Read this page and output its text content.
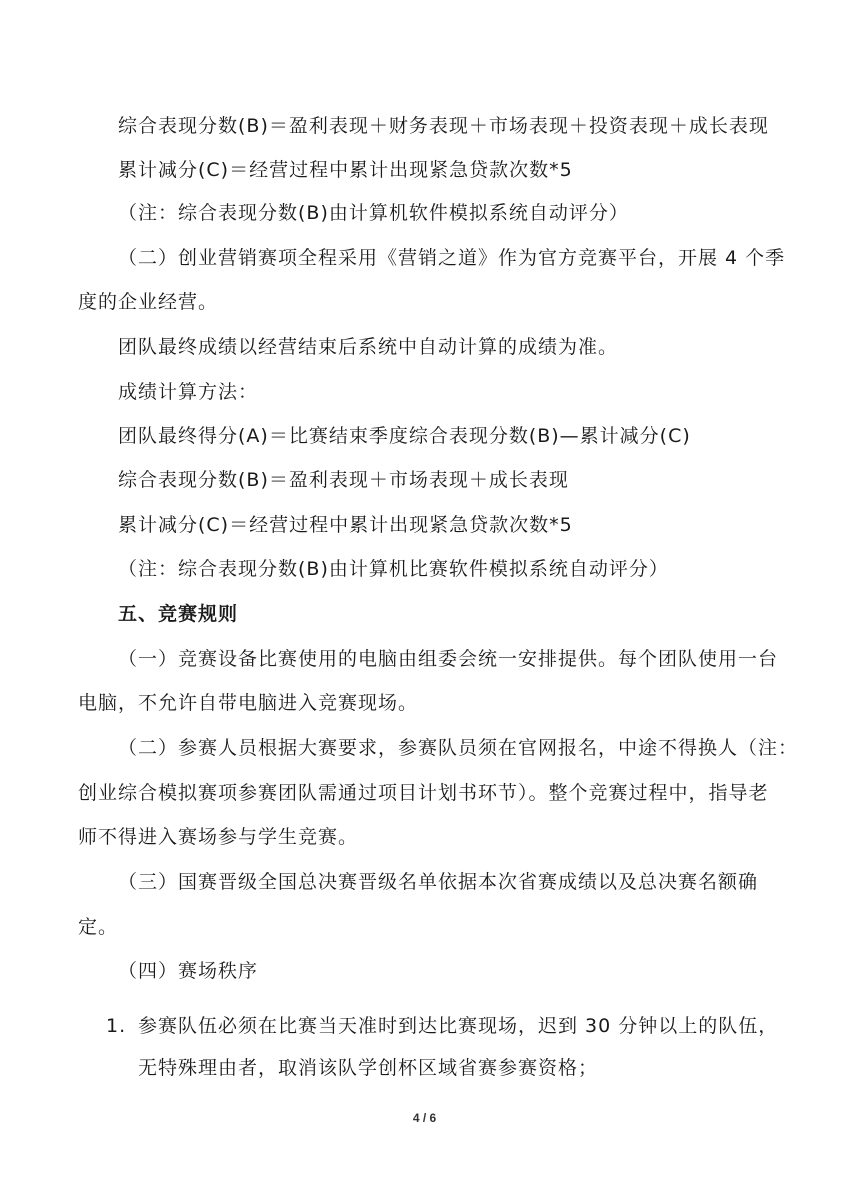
综合表现分数(B)＝盈利表现＋财务表现＋市场表现＋投资表现＋成长表现
累计减分(C)＝经营过程中累计出现紧急贷款次数*5
（注：综合表现分数(B)由计算机软件模拟系统自动评分）
（二）创业营销赛项全程采用《营销之道》作为官方竞赛平台，开展 4 个季
度的企业经营。
团队最终成绩以经营结束后系统中自动计算的成绩为准。
成绩计算方法：
团队最终得分(A)＝比赛结束季度综合表现分数(B)—累计减分(C)
综合表现分数(B)＝盈利表现＋市场表现＋成长表现
累计减分(C)＝经营过程中累计出现紧急贷款次数*5
（注：综合表现分数(B)由计算机比赛软件模拟系统自动评分）
五、竞赛规则
（一）竞赛设备比赛使用的电脑由组委会统一安排提供。每个团队使用一台
电脑，不允许自带电脑进入竞赛现场。
（二）参赛人员根据大赛要求，参赛队员须在官网报名，中途不得换人（注：
创业综合模拟赛项参赛团队需通过项目计划书环节）。整个竞赛过程中，指导老
师不得进入赛场参与学生竞赛。
（三）国赛晋级全国总决赛晋级名单依据本次省赛成绩以及总决赛名额确
定。
（四）赛场秩序
1. 参赛队伍必须在比赛当天准时到达比赛现场，迟到 30 分钟以上的队伍，
无特殊理由者，取消该队学创杯区域省赛参赛资格；
4 / 6
